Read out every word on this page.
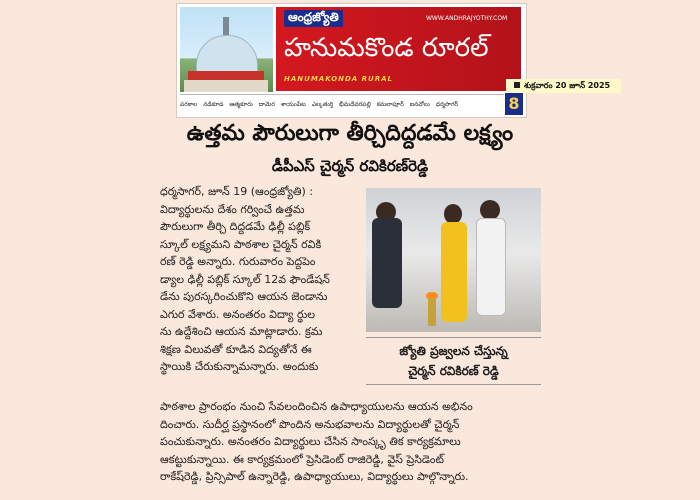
ఆంధ్రజ్యోతి	WWW.ANDHRAJYOTHY.COM
హనుమకొండ రూరల్
HANUMAKONDA RURAL
శుక్రవారం 20 జూన్ 2025
పరకాల నడికూడ ఆత్మకూరు దామెర శాయంపేట ఎల్కతుర్తి భీమదేవరపల్లి కమలాపూర్ ఐనవోలు ధర్మసాగర్	8
ఉత్తమ పౌరులుగా తీర్చిదిద్దడమే లక్ష్యం
డీపీఎస్ చైర్మన్ రవికిరణ్‌రెడ్డి
ధర్మసాగర్, జూన్ 19 (ఆంధ్రజ్యోతి) :
విద్యార్థులను దేశం గర్వించే ఉత్తమ
పౌరులుగా తీర్చి దిద్దడమే ఢిల్లీ పబ్లిక్
స్కూల్ లక్ష్యమని పాఠశాల చైర్మన్ రవికి
రణ్ రెడ్డి అన్నారు. గురువారం పెద్దపెం
డ్యాల ఢిల్లీ పబ్లిక్ స్కూల్ 12వ ఫౌండేషన్
డేను పురస్కరించుకొని ఆయన జెండాను
ఎగుర వేశారు. అనంతరం విద్యా ర్థుల
ను ఉద్దేశించి ఆయన మాట్లాడారు. క్రమ
శిక్షణ విలువతో కూడిన విద్యతోనే ఈ
స్థాయికి చేరుకున్నామన్నారు. అందుకు
జ్యోతి ప్రజ్వలన చేస్తున్న
చైర్మన్ రవికిరణ్ రెడ్డి
పాఠశాల ప్రారంభం నుంచి సేవలందించిన ఉపాధ్యాయులను ఆయన అభినం
దించారు. సుదీర్ఘ ప్రస్థానంలో పొందిన అనుభవాలను విద్యార్థులతో చైర్మన్
పంచుకున్నారు. అనంతరం విద్యార్థులు చేసిన సాంస్కృ తిక కార్యక్రమాలు
ఆకట్టుకున్నాయి. ఈ కార్యక్రమంలో ప్రెసిడెంట్ రాజిరెడ్డి, వైస్ ప్రెసిడెంట్
రాకేష్‌రెడ్డి, ప్రిన్సిపాల్ ఉన్నారెడ్డి, ఉపాధ్యాయులు, విద్యార్థులు పాల్గొన్నారు.
